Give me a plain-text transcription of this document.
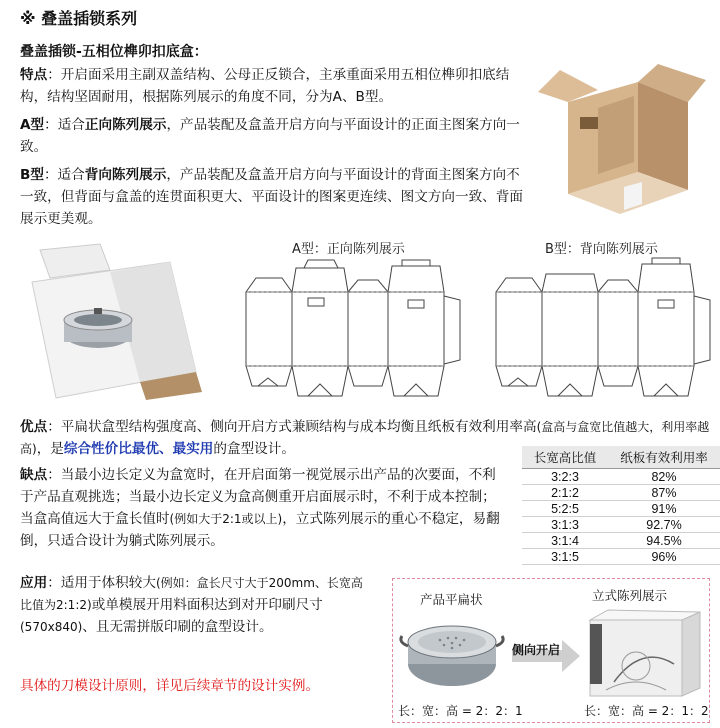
※ 叠盖插锁系列
叠盖插锁-五相位榫卯扣底盒：
特点：开启面采用主副双盖结构、公母正反锁合，主承重面采用五相位榫卯扣底结构，结构坚固耐用，根据陈列展示的角度不同，分为A、B型。
A型：适合正向陈列展示，产品装配及盒盖开启方向与平面设计的正面主图案方向一致。
B型：适合背向陈列展示，产品装配及盒盖开启方向与平面设计的背面主图案方向不一致，但背面与盒盖的连贯面积更大、平面设计的图案更连续、图文方向一致、背面展示更美观。
A型：正向陈列展示	B型：背向陈列展示
优点：平扁状盒型结构强度高、侧向开启方式兼顾结构与成本均衡且纸板有效利用率高(盒高与盒宽比值越大，利用率越高)，是综合性价比最优、最实用的盒型设计。
缺点：当最小边长定义为盒宽时，在开启面第一视觉展示出产品的次要面，不利于产品直观挑选；当最小边长定义为盒高侧重开启面展示时，不利于成本控制；当盒高值远大于盒长值时(例如大于2:1或以上)，立式陈列展示的重心不稳定，易翻倒，只适合设计为躺式陈列展示。
长宽高比值	纸板有效利用率
3:2:3	82%
2:1:2	87%
5:2:5	91%
3:1:3	92.7%
3:1:4	94.5%
3:1:5	96%
应用：适用于体积较大(例如：盒长尺寸大于200mm、长宽高比值为2:1:2)或单模展开用料面积达到对开印刷尺寸(570x840)、且无需拼版印刷的盒型设计。
具体的刀模设计原则，详见后续章节的设计实例。
产品平扁状	立式陈列展示
侧向开启
长：宽：高 = 2：2：1	长：宽：高 = 2：1：2
